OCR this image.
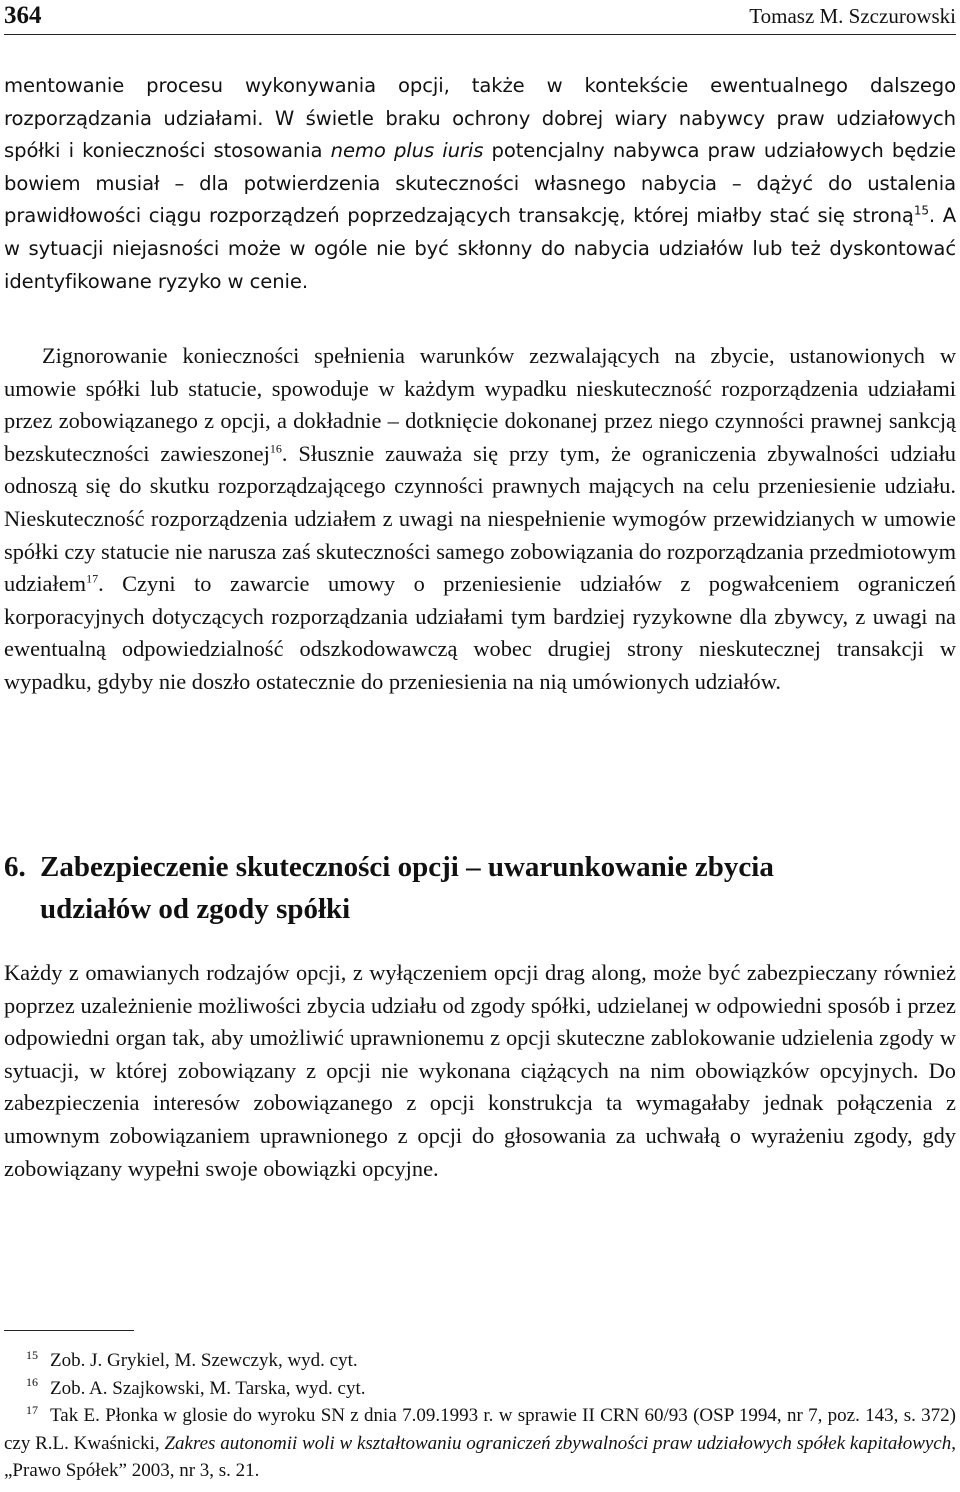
364	Tomasz M. Szczurowski

mentowanie procesu wykonywania opcji, także w kontekście ewentualnego dalszego rozporządzania udziałami. W świetle braku ochrony dobrej wiary nabywcy praw udziałowych spółki i konieczności stosowania nemo plus iuris potencjalny nabywca praw udziałowych będzie bowiem musiał – dla potwierdzenia skuteczności własnego nabycia – dążyć do ustalenia prawidłowości ciągu rozporządzeń poprzedzających transakcję, której miałby stać się stroną$^{15}$. A w sytuacji niejasności może w ogóle nie być skłonny do nabycia udziałów lub też dyskontować identyfikowane ryzyko w cenie.

Zignorowanie konieczności spełnienia warunków zezwalających na zbycie, ustanowionych w umowie spółki lub statucie, spowoduje w każdym wypadku nieskuteczność rozporządzenia udziałami przez zobowiązanego z opcji, a dokładnie – dotknięcie dokonanej przez niego czynności prawnej sankcją bezskuteczności zawieszonej$^{16}$. Słusznie zauważa się przy tym, że ograniczenia zbywalności udziału odnoszą się do skutku rozporządzającego czynności prawnych mających na celu przeniesienie udziału. Nieskuteczność rozporządzenia udziałem z uwagi na niespełnienie wymogów przewidzianych w umowie spółki czy statucie nie narusza zaś skuteczności samego zobowiązania do rozporządzania przedmiotowym udziałem$^{17}$. Czyni to zawarcie umowy o przeniesienie udziałów z pogwałceniem ograniczeń korporacyjnych dotyczących rozporządzania udziałami tym bardziej ryzykowne dla zbywcy, z uwagi na ewentualną odpowiedzialność odszkodowawczą wobec drugiej strony nieskutecznej transakcji w wypadku, gdyby nie doszło ostatecznie do przeniesienia na nią umówionych udziałów.

6. Zabezpieczenie skuteczności opcji – uwarunkowanie zbycia
udziałów od zgody spółki

Każdy z omawianych rodzajów opcji, z wyłączeniem opcji drag along, może być zabezpieczany również poprzez uzależnienie możliwości zbycia udziału od zgody spółki, udzielanej w odpowiedni sposób i przez odpowiedni organ tak, aby umożliwić uprawnionemu z opcji skuteczne zablokowanie udzielenia zgody w sytuacji, w której zobowiązany z opcji nie wykonana ciążących na nim obowiązków opcyjnych. Do zabezpieczenia interesów zobowiązanego z opcji konstrukcja ta wymagałaby jednak połączenia z umownym zobowiązaniem uprawnionego z opcji do głosowania za uchwałą o wyrażeniu zgody, gdy zobowiązany wypełni swoje obowiązki opcyjne.

15 Zob. J. Grykiel, M. Szewczyk, wyd. cyt.

16 Zob. A. Szajkowski, M. Tarska, wyd. cyt.

17 Tak E. Płonka w glosie do wyroku SN z dnia 7.09.1993 r. w sprawie II CRN 60/93 (OSP 1994, nr 7, poz. 143, s. 372) czy R.L. Kwaśnicki, Zakres autonomii woli w kształtowaniu ograniczeń zbywalności praw udziałowych spółek kapitałowych, „Prawo Spółek” 2003, nr 3, s. 21.
